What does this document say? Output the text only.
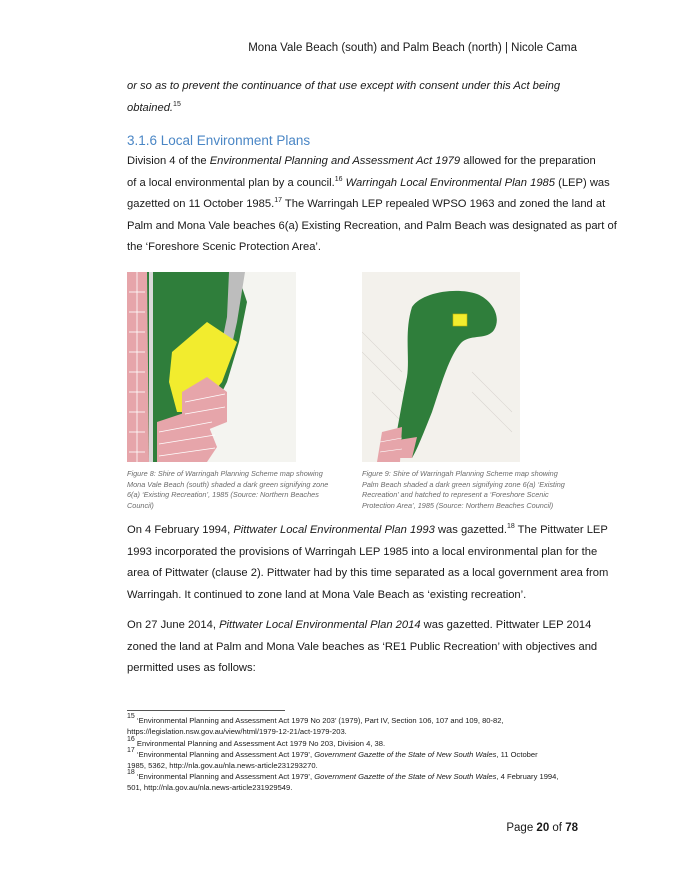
Mona Vale Beach (south) and Palm Beach (north) | Nicole Cama
or so as to prevent the continuance of that use except with consent under this Act being
obtained.$^{15}$
3.1.6 Local Environment Plans
Division 4 of the Environmental Planning and Assessment Act 1979 allowed for the preparation
of a local environmental plan by a council.$^{16}$ Warringah Local Environmental Plan 1985 (LEP) was
gazetted on 11 October 1985.17 The Warringah LEP repealed WPSO 1963 and zoned the land at
Palm and Mona Vale beaches 6(a) Existing Recreation, and Palm Beach was designated as part of
the ‘Foreshore Scenic Protection Area’.
Figure 8: Shire of Warringah Planning Scheme map showing
Mona Vale Beach (south) shaded a dark green signifying zone
6(a) ‘Existing Recreation’, 1985 (Source: Northern Beaches
Council)
Figure 9: Shire of Warringah Planning Scheme map showing
Palm Beach shaded a dark green signifying zone 6(a) ‘Existing
Recreation’ and hatched to represent a ‘Foreshore Scenic
Protection Area’, 1985 (Source: Northern Beaches Council)
On 4 February 1994, Pittwater Local Environmental Plan 1993 was gazetted.$^{18}$ The Pittwater LEP
1993 incorporated the provisions of Warringah LEP 1985 into a local environmental plan for the
area of Pittwater (clause 2). Pittwater had by this time separated as a local government area from
Warringah. It continued to zone land at Mona Vale Beach as ‘existing recreation’.
On 27 June 2014, Pittwater Local Environmental Plan 2014 was gazetted. Pittwater LEP 2014
zoned the land at Palm and Mona Vale beaches as ‘RE1 Public Recreation’ with objectives and
permitted uses as follows:
$^{15}$ ‘Environmental Planning and Assessment Act 1979 No 203’ (1979), Part IV, Section 106, 107 and 109, 80-82,
https://legislation.nsw.gov.au/view/html/1979-12-21/act-1979-203.
$^{16}$ Environmental Planning and Assessment Act 1979 No 203, Division 4, 38.
$^{17}$ ‘Environmental Planning and Assessment Act 1979’, Government Gazette of the State of New South Wales, 11 October
1985, 5362, http://nla.gov.au/nla.news-article231293270.
$^{18}$ ‘Environmental Planning and Assessment Act 1979’, Government Gazette of the State of New South Wales, 4 February 1994,
501, http://nla.gov.au/nla.news-article231929549.
Page 20 of 78
